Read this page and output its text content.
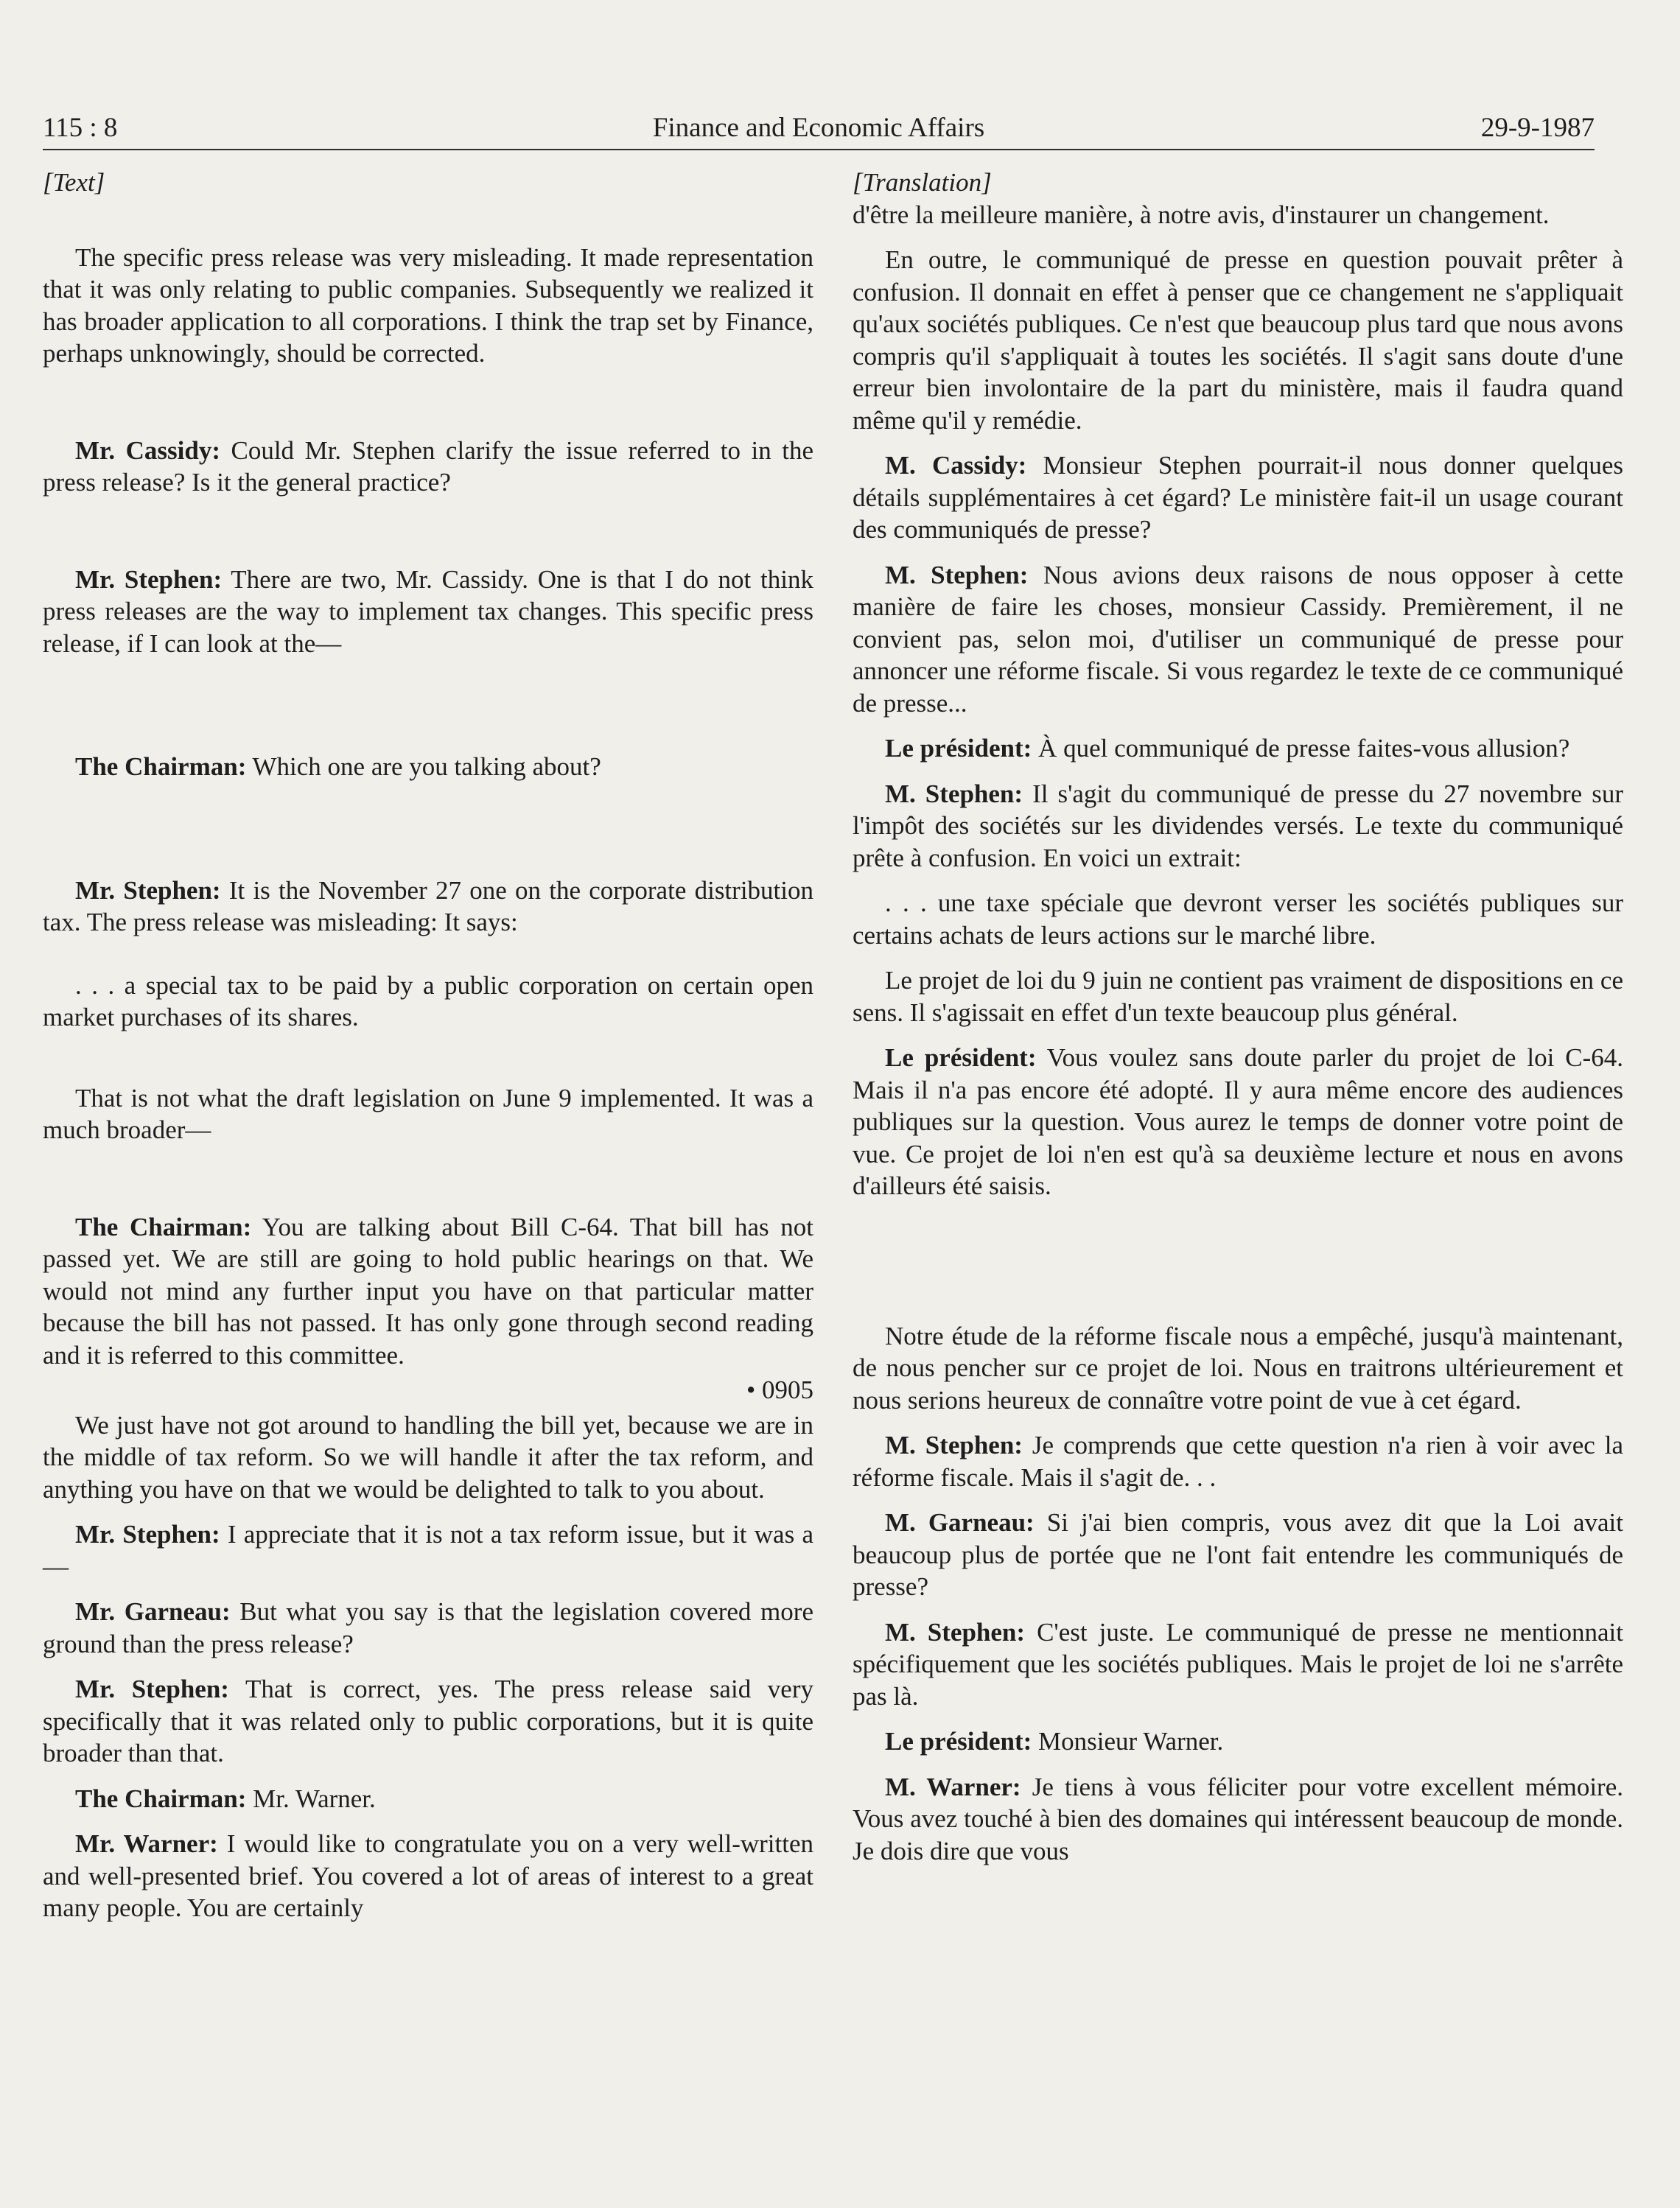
115 : 8	Finance and Economic Affairs	29-9-1987

[Text]

The specific press release was very misleading. It made representation that it was only relating to public companies. Subsequently we realized it has broader application to all corporations. I think the trap set by Finance, perhaps unknowingly, should be corrected.

Mr. Cassidy: Could Mr. Stephen clarify the issue referred to in the press release? Is it the general practice?

Mr. Stephen: There are two, Mr. Cassidy. One is that I do not think press releases are the way to implement tax changes. This specific press release, if I can look at the—

The Chairman: Which one are you talking about?

Mr. Stephen: It is the November 27 one on the corporate distribution tax. The press release was misleading: It says:

. . . a special tax to be paid by a public corporation on certain open market purchases of its shares.

That is not what the draft legislation on June 9 implemented. It was a much broader—

The Chairman: You are talking about Bill C-64. That bill has not passed yet. We are still are going to hold public hearings on that. We would not mind any further input you have on that particular matter because the bill has not passed. It has only gone through second reading and it is referred to this committee.

• 0905

We just have not got around to handling the bill yet, because we are in the middle of tax reform. So we will handle it after the tax reform, and anything you have on that we would be delighted to talk to you about.

Mr. Stephen: I appreciate that it is not a tax reform issue, but it was a—

Mr. Garneau: But what you say is that the legislation covered more ground than the press release?

Mr. Stephen: That is correct, yes. The press release said very specifically that it was related only to public corporations, but it is quite broader than that.

The Chairman: Mr. Warner.

Mr. Warner: I would like to congratulate you on a very well-written and well-presented brief. You covered a lot of areas of interest to a great many people. You are certainly

[Translation]

d'être la meilleure manière, à notre avis, d'instaurer un changement.

En outre, le communiqué de presse en question pouvait prêter à confusion. Il donnait en effet à penser que ce changement ne s'appliquait qu'aux sociétés publiques. Ce n'est que beaucoup plus tard que nous avons compris qu'il s'appliquait à toutes les sociétés. Il s'agit sans doute d'une erreur bien involontaire de la part du ministère, mais il faudra quand même qu'il y remédie.

M. Cassidy: Monsieur Stephen pourrait-il nous donner quelques détails supplémentaires à cet égard? Le ministère fait-il un usage courant des communiqués de presse?

M. Stephen: Nous avions deux raisons de nous opposer à cette manière de faire les choses, monsieur Cassidy. Premièrement, il ne convient pas, selon moi, d'utiliser un communiqué de presse pour annoncer une réforme fiscale. Si vous regardez le texte de ce communiqué de presse...

Le président: À quel communiqué de presse faites-vous allusion?

M. Stephen: Il s'agit du communiqué de presse du 27 novembre sur l'impôt des sociétés sur les dividendes versés. Le texte du communiqué prête à confusion. En voici un extrait:

. . . une taxe spéciale que devront verser les sociétés publiques sur certains achats de leurs actions sur le marché libre.

Le projet de loi du 9 juin ne contient pas vraiment de dispositions en ce sens. Il s'agissait en effet d'un texte beaucoup plus général.

Le président: Vous voulez sans doute parler du projet de loi C-64. Mais il n'a pas encore été adopté. Il y aura même encore des audiences publiques sur la question. Vous aurez le temps de donner votre point de vue. Ce projet de loi n'en est qu'à sa deuxième lecture et nous en avons d'ailleurs été saisis.

Notre étude de la réforme fiscale nous a empêché, jusqu'à maintenant, de nous pencher sur ce projet de loi. Nous en traitrons ultérieurement et nous serions heureux de connaître votre point de vue à cet égard.

M. Stephen: Je comprends que cette question n'a rien à voir avec la réforme fiscale. Mais il s'agit de. . .

M. Garneau: Si j'ai bien compris, vous avez dit que la Loi avait beaucoup plus de portée que ne l'ont fait entendre les communiqués de presse?

M. Stephen: C'est juste. Le communiqué de presse ne mentionnait spécifiquement que les sociétés publiques. Mais le projet de loi ne s'arrête pas là.

Le président: Monsieur Warner.

M. Warner: Je tiens à vous féliciter pour votre excellent mémoire. Vous avez touché à bien des domaines qui intéressent beaucoup de monde. Je dois dire que vous
